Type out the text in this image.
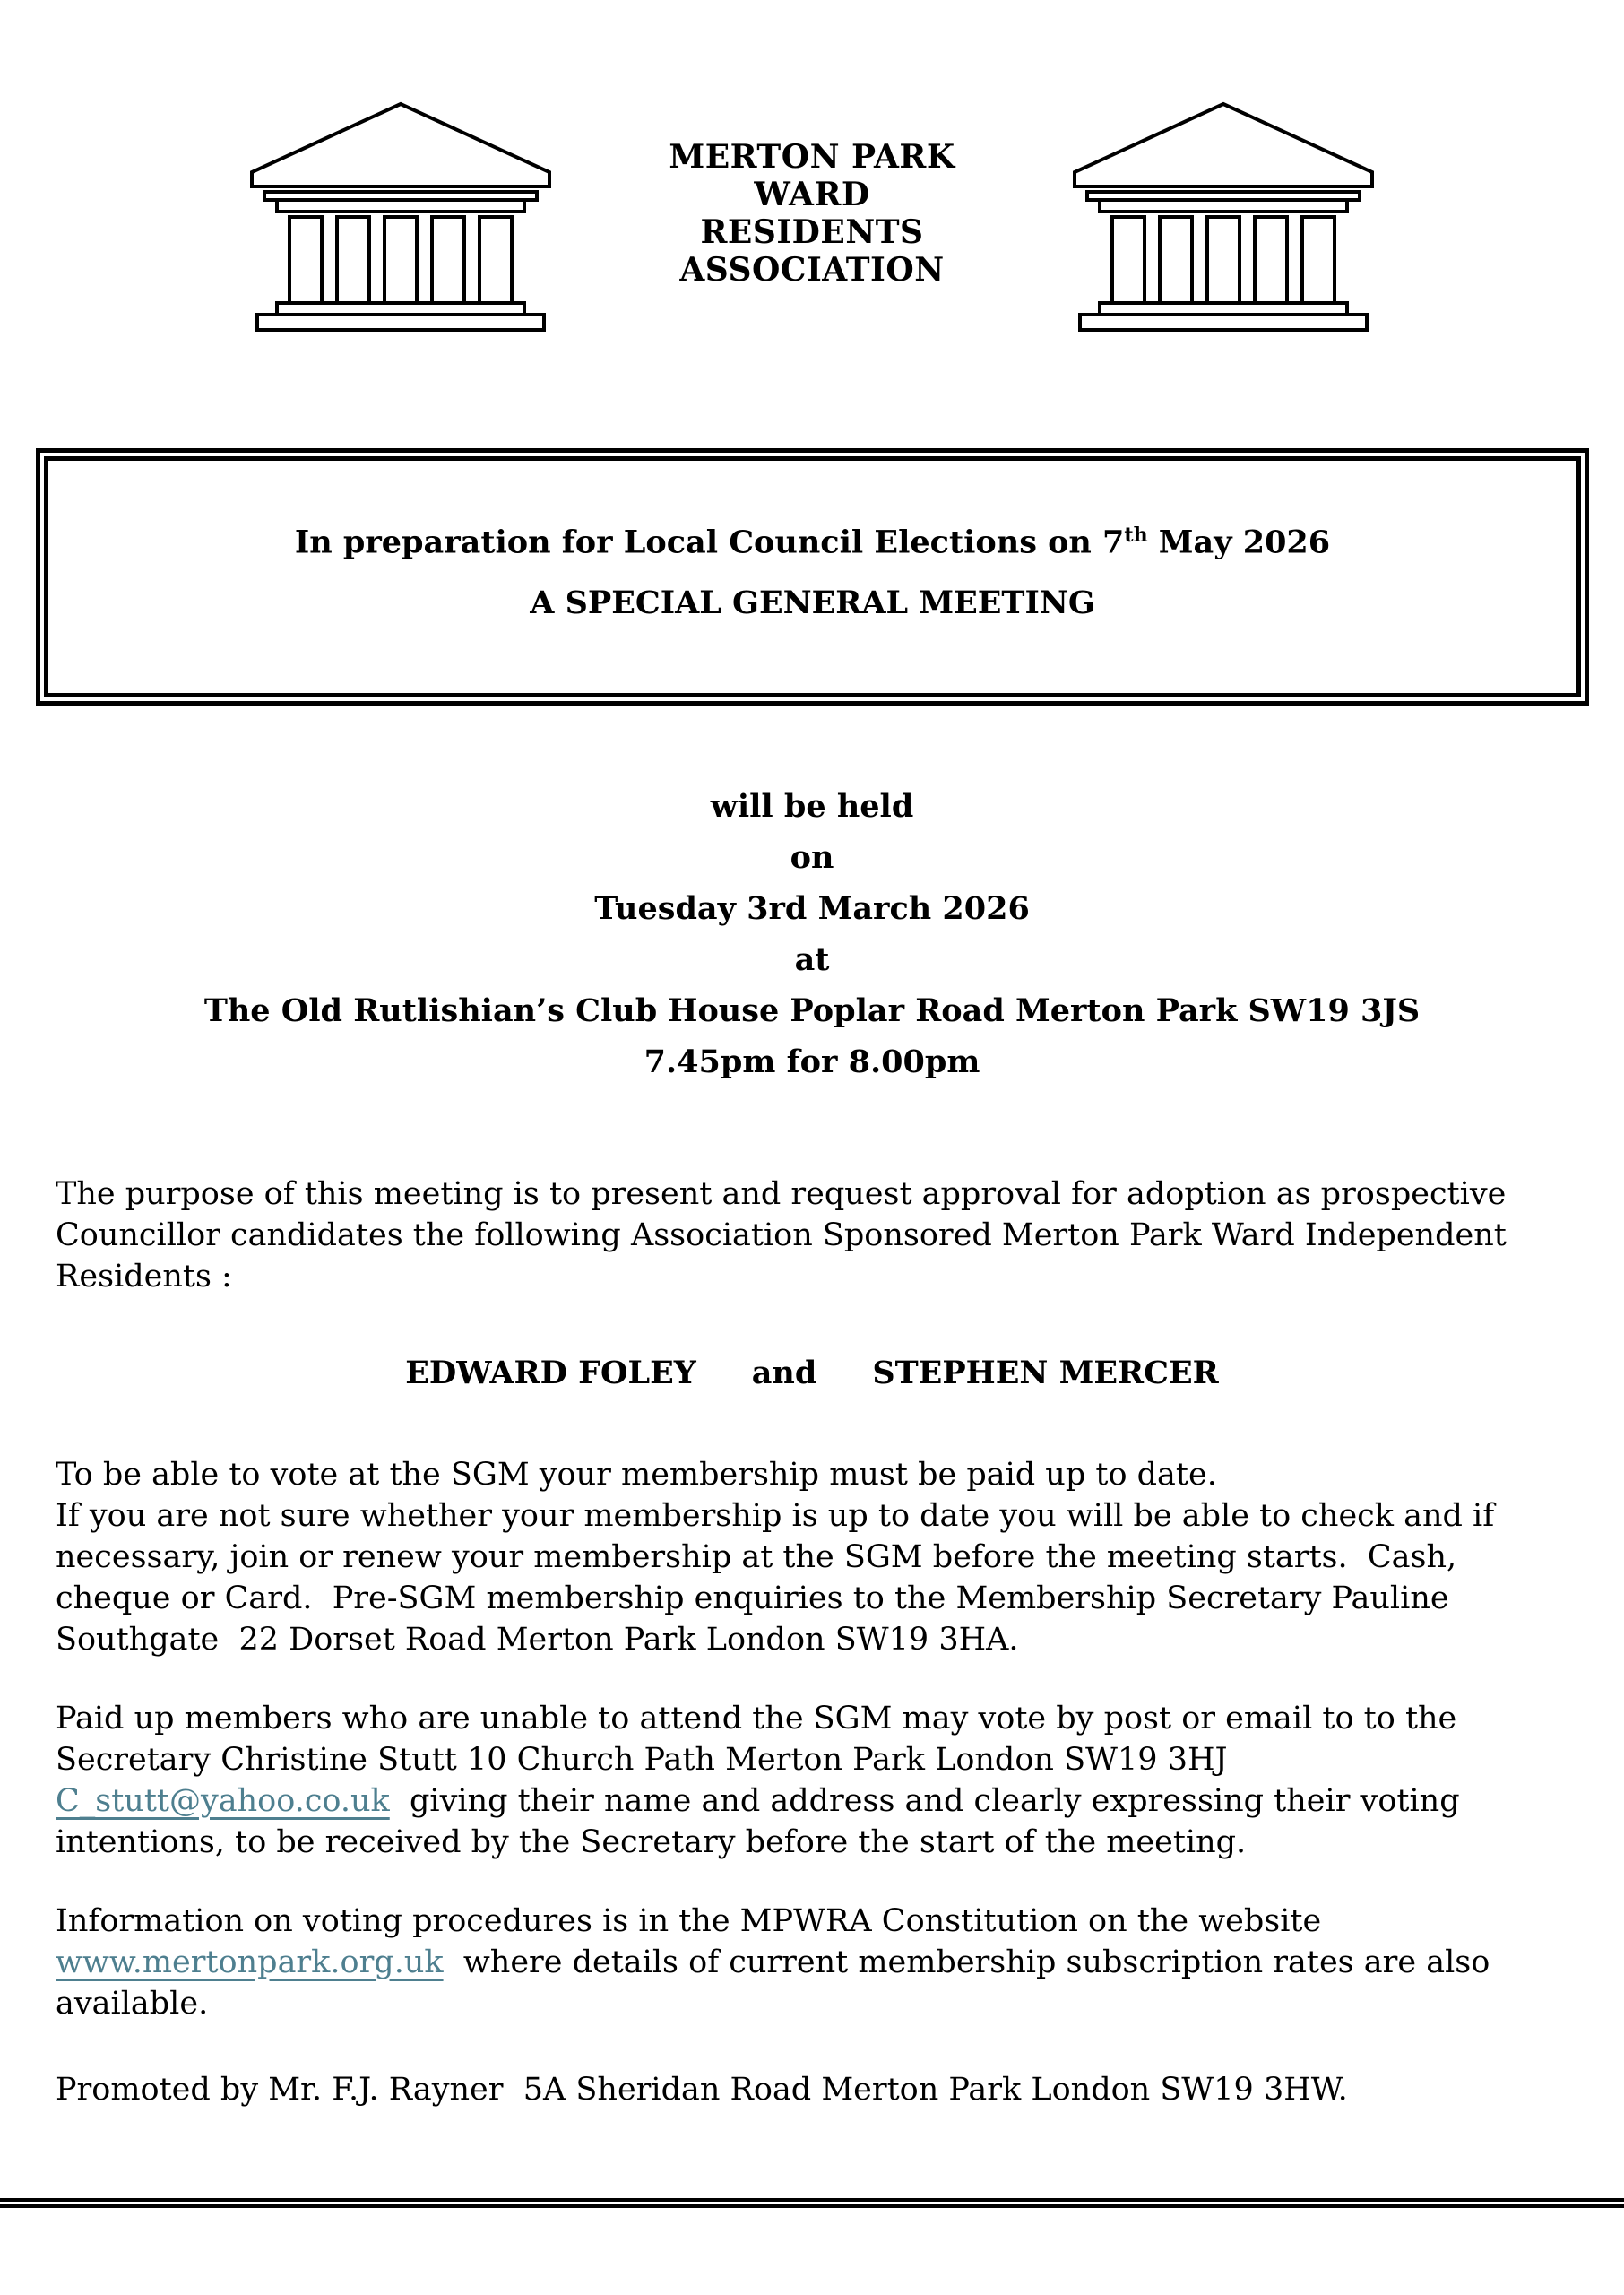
MERTON PARK
WARD
RESIDENTS
ASSOCIATION
In preparation for Local Council Elections on 7th May 2026
A SPECIAL GENERAL MEETING
will be held
on
Tuesday 3rd March 2026
at
The Old Rutlishian’s Club House Poplar Road Merton Park SW19 3JS
7.45pm for 8.00pm
The purpose of this meeting is to present and request approval for adoption as prospective Councillor candidates the following Association Sponsored Merton Park Ward Independent Residents :
EDWARD FOLEY and STEPHEN MERCER
To be able to vote at the SGM your membership must be paid up to date.
If you are not sure whether your membership is up to date you will be able to check and if necessary, join or renew your membership at the SGM before the meeting starts.  Cash, cheque or Card.  Pre-SGM membership enquiries to the Membership Secretary Pauline Southgate  22 Dorset Road Merton Park London SW19 3HA.
Paid up members who are unable to attend the SGM may vote by post or email to to the Secretary Christine Stutt 10 Church Path Merton Park London SW19 3HJ
C_stutt@yahoo.co.uk  giving their name and address and clearly expressing their voting intentions, to be received by the Secretary before the start of the meeting.
Information on voting procedures is in the MPWRA Constitution on the website www.mertonpark.org.uk  where details of current membership subscription rates are also available.
Promoted by Mr. F.J. Rayner  5A Sheridan Road Merton Park London SW19 3HW.
